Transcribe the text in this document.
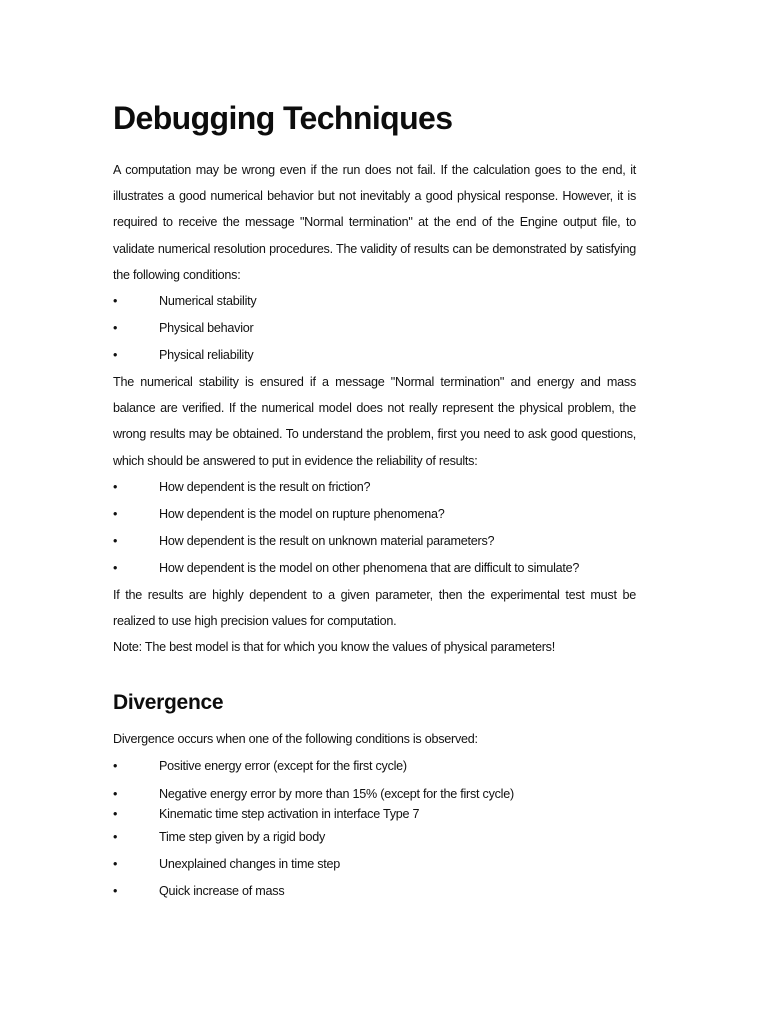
Debugging Techniques

A computation may be wrong even if the run does not fail. If the calculation goes to the end, it illustrates a good numerical behavior but not inevitably a good physical response. However, it is required to receive the message "Normal termination" at the end of the Engine output file, to validate numerical resolution procedures. The validity of results can be demonstrated by satisfying the following conditions:

•	Numerical stability
•	Physical behavior
•	Physical reliability

The numerical stability is ensured if a message "Normal termination" and energy and mass balance are verified. If the numerical model does not really represent the physical problem, the wrong results may be obtained. To understand the problem, first you need to ask good questions, which should be answered to put in evidence the reliability of results:

•	How dependent is the result on friction?
•	How dependent is the model on rupture phenomena?
•	How dependent is the result on unknown material parameters?
•	How dependent is the model on other phenomena that are difficult to simulate?

If the results are highly dependent to a given parameter, then the experimental test must be realized to use high precision values for computation.

Note: The best model is that for which you know the values of physical parameters!

Divergence

Divergence occurs when one of the following conditions is observed:

•	Positive energy error (except for the first cycle)
•	Negative energy error by more than 15% (except for the first cycle)
•	Kinematic time step activation in interface Type 7
•	Time step given by a rigid body
•	Unexplained changes in time step
•	Quick increase of mass
